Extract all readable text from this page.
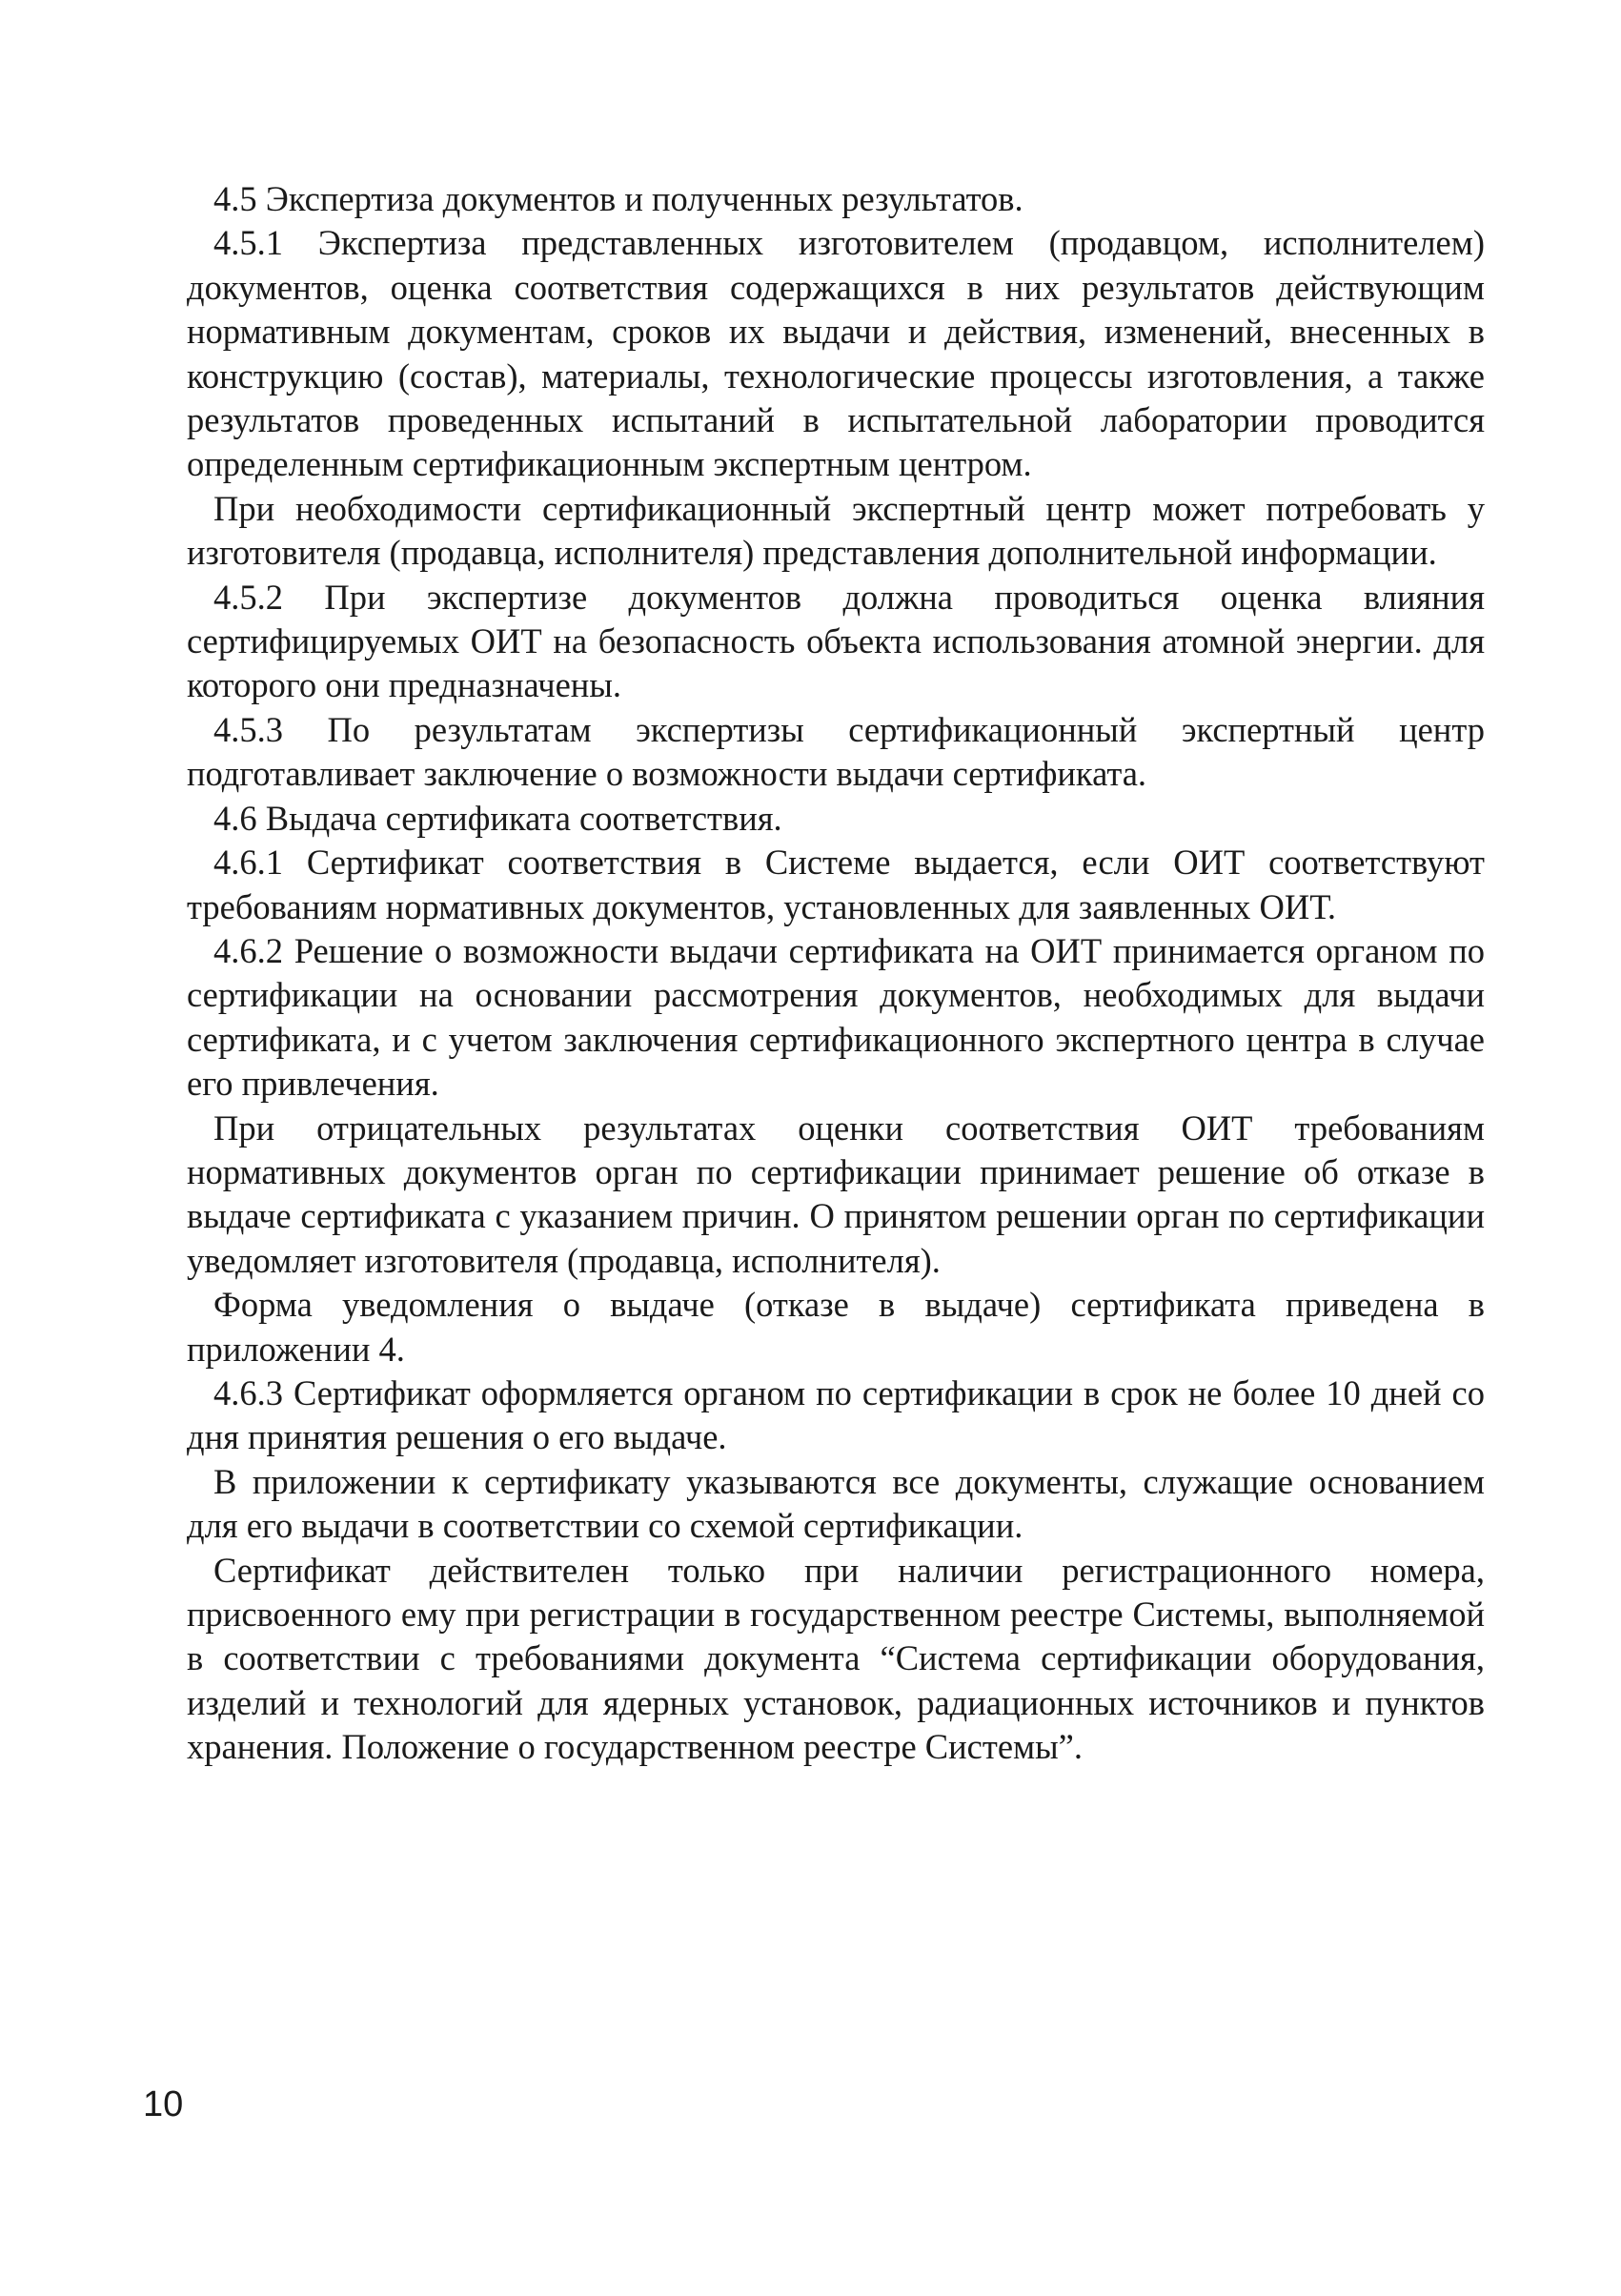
4.5 Экспертиза документов и полученных результатов.

4.5.1 Экспертиза представленных изготовителем (продавцом, исполнителем) документов, оценка соответствия содержащихся в них результатов действующим нормативным документам, сроков их выдачи и действия, изменений, внесенных в конструкцию (состав), материалы, технологические процессы изготовления, а также результатов проведенных испытаний в испытательной лаборатории проводится определенным сертификационным экспертным центром.

При необходимости сертификационный экспертный центр может потребовать у изготовителя (продавца, исполнителя) представления дополнительной информации.

4.5.2 При экспертизе документов должна проводиться оценка влияния сертифицируемых ОИТ на безопасность объекта использования атомной энергии. для которого они предназначены.

4.5.3 По результатам экспертизы сертификационный экспертный центр подготавливает заключение о возможности выдачи сертификата.

4.6 Выдача сертификата соответствия.

4.6.1 Сертификат соответствия в Системе выдается, если ОИТ соответствуют требованиям нормативных документов, установленных для заявленных ОИТ.

4.6.2 Решение о возможности выдачи сертификата на ОИТ принимается органом по сертификации на основании рассмотрения документов, необходимых для выдачи сертификата, и с учетом заключения сертификационного экспертного центра в случае его привлечения.

При отрицательных результатах оценки соответствия ОИТ требованиям нормативных документов орган по сертификации принимает решение об отказе в выдаче сертификата с указанием причин. О принятом решении орган по сертификации уведомляет изготовителя (продавца, исполнителя).

Форма уведомления о выдаче (отказе в выдаче) сертификата приведена в приложении 4.

4.6.3 Сертификат оформляется органом по сертификации в срок не более 10 дней со дня принятия решения о его выдаче.

В приложении к сертификату указываются все документы, служащие основанием для его выдачи в соответствии со схемой сертификации.

Сертификат действителен только при наличии регистрационного номера, присвоенного ему при регистрации в государственном реестре Системы, выполняемой в соответствии с требованиями документа “Система сертификации оборудования, изделий и технологий для ядерных установок, радиационных источников и пунктов хранения. Положение о государственном реестре Системы”.

10
